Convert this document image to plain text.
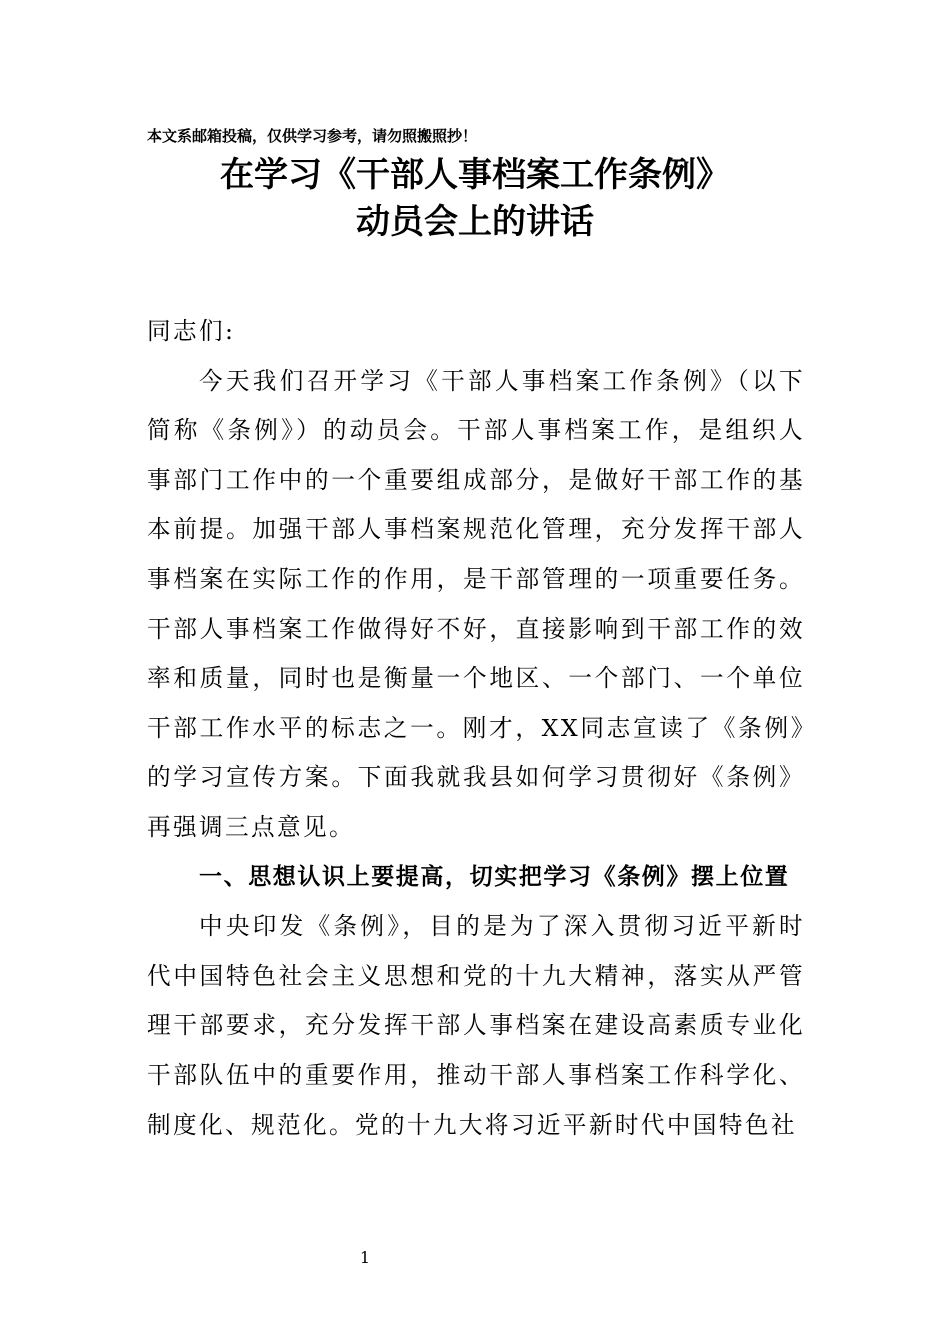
本文系邮箱投稿，仅供学习参考，请勿照搬照抄！
在学习《干部人事档案工作条例》
动员会上的讲话

同志们:

今天我们召开学习《干部人事档案工作条例》（以下简称《条例》）的动员会。干部人事档案工作，是组织人事部门工作中的一个重要组成部分，是做好干部工作的基本前提。加强干部人事档案规范化管理，充分发挥干部人事档案在实际工作的作用，是干部管理的一项重要任务。干部人事档案工作做得好不好，直接影响到干部工作的效率和质量，同时也是衡量一个地区、一个部门、一个单位干部工作水平的标志之一。刚才，XX同志宣读了《条例》的学习宣传方案。下面我就我县如何学习贯彻好《条例》再强调三点意见。

一、思想认识上要提高，切实把学习《条例》摆上位置

中央印发《条例》，目的是为了深入贯彻习近平新时代中国特色社会主义思想和党的十九大精神，落实从严管理干部要求，充分发挥干部人事档案在建设高素质专业化干部队伍中的重要作用，推动干部人事档案工作科学化、制度化、规范化。党的十九大将习近平新时代中国特色社

1
